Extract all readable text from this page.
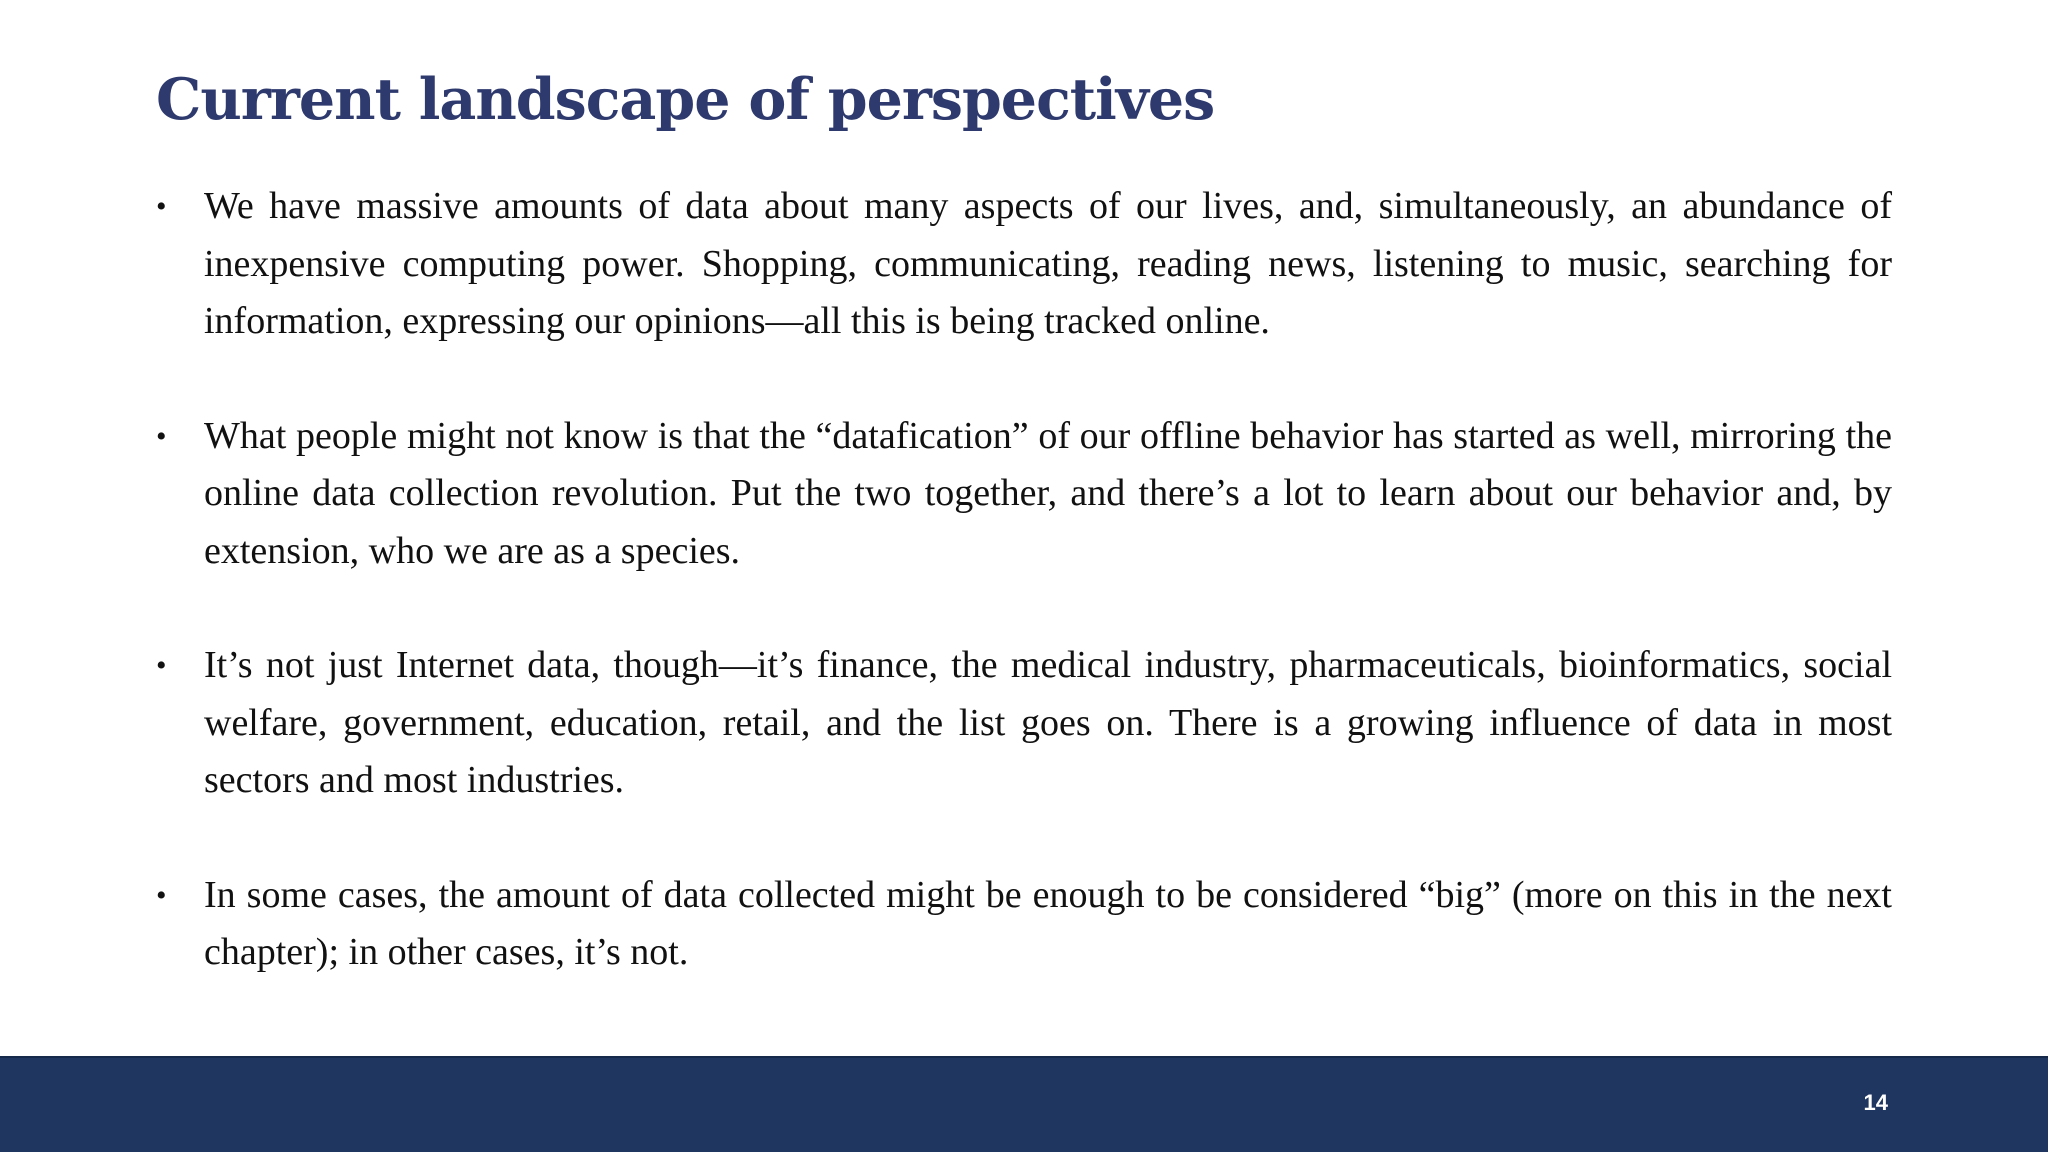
Current landscape of perspectives
• We have massive amounts of data about many aspects of our lives, and, simultaneously, an abundance of inexpensive computing power. Shopping, communicating, reading news, listening to music, searching for information, expressing our opinions—all this is being tracked online.
• What people might not know is that the “datafication” of our offline behavior has started as well, mirroring the online data collection revolution. Put the two together, and there’s a lot to learn about our behavior and, by extension, who we are as a species.
• It’s not just Internet data, though—it’s finance, the medical industry, pharmaceuticals, bioinformatics, social welfare, government, education, retail, and the list goes on. There is a growing influence of data in most sectors and most industries.
• In some cases, the amount of data collected might be enough to be considered “big” (more on this in the next chapter); in other cases, it’s not.
14
